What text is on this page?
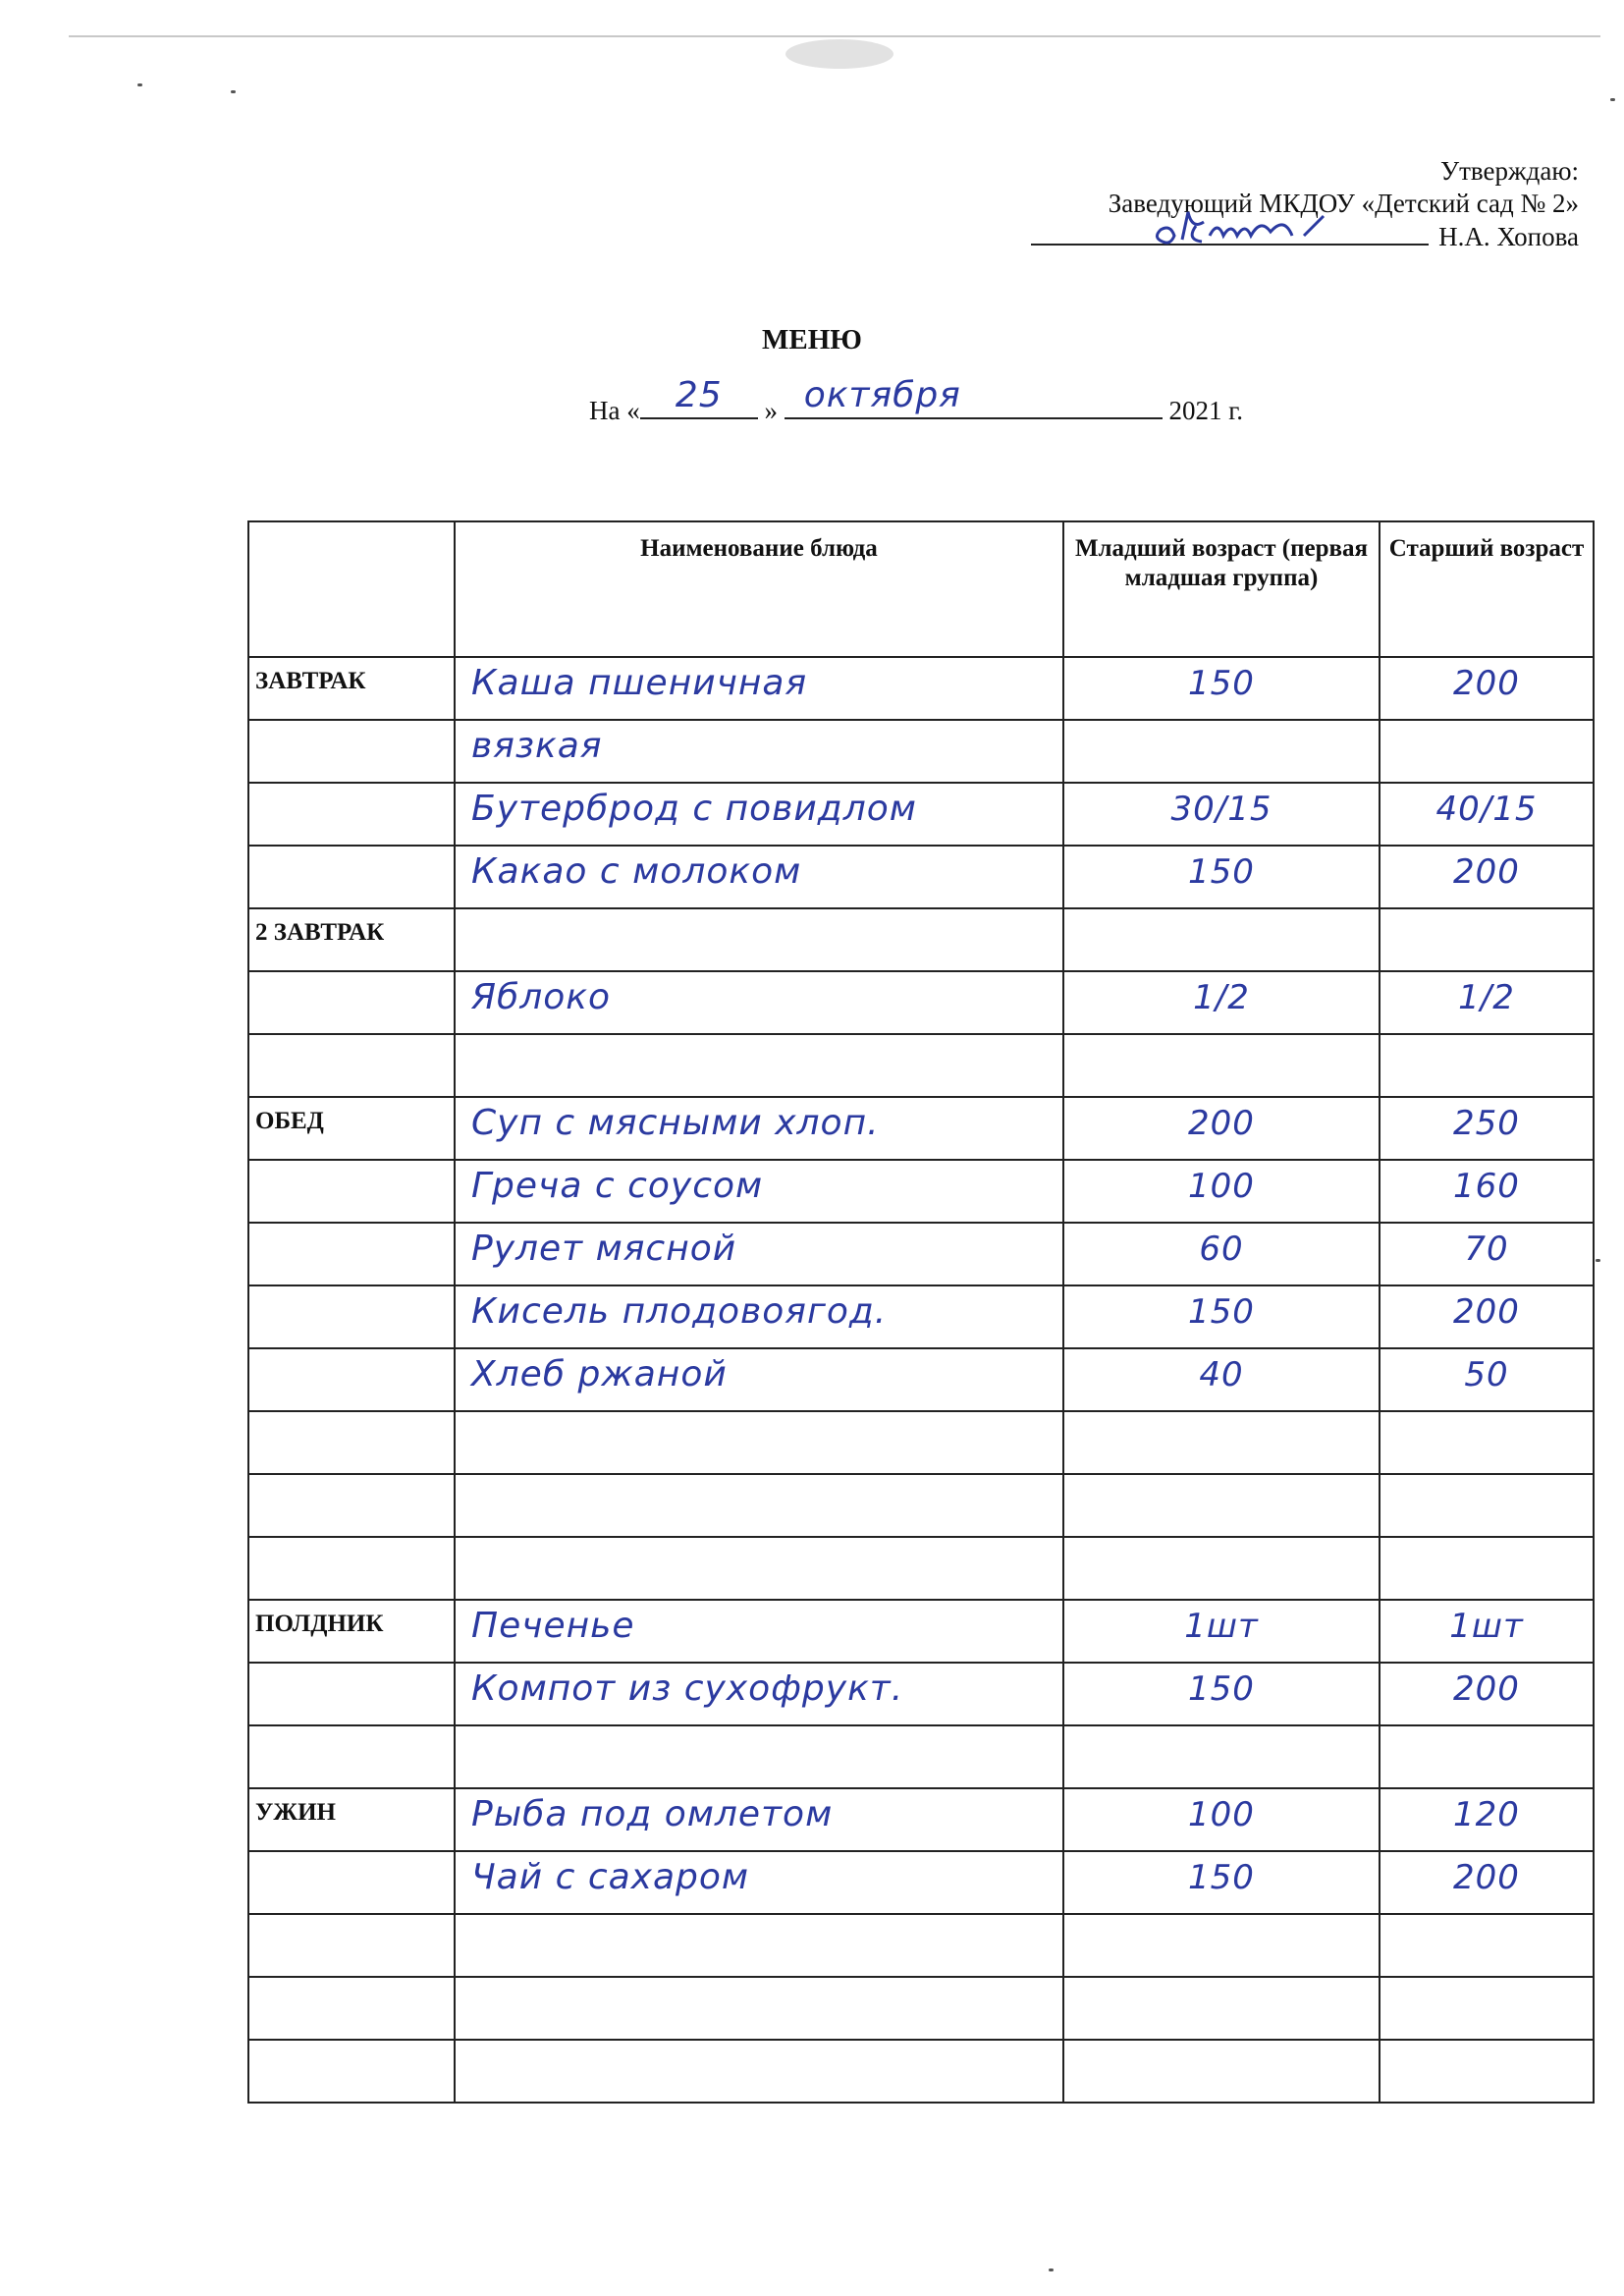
Утверждаю:
Заведующий МКДОУ «Детский сад № 2»
Н.А. Хопова
МЕНЮ
На «	25	» октября	2021 г.
	Наименование блюда	Младший возраст (первая младшая группа)	Старший возраст
ЗАВТРАК	Каша пшеничная	150	200
	вязкая		
	Бутерброд с повидлом	30/15	40/15
	Какао с молоком	150	200
2 ЗАВТРАК			
	Яблоко	1/2	1/2

ОБЕД	Суп с мясными хлоп.	200	250
	Греча с соусом	100	160
	Рулет мясной	60	70
	Кисель плодовоягод.	150	200
	Хлеб ржаной	40	50

ПОЛДНИК	Печенье	1шт	1шт
	Компот из сухофрукт.	150	200

УЖИН	Рыба под омлетом	100	120
	Чай с сахаром	150	200
